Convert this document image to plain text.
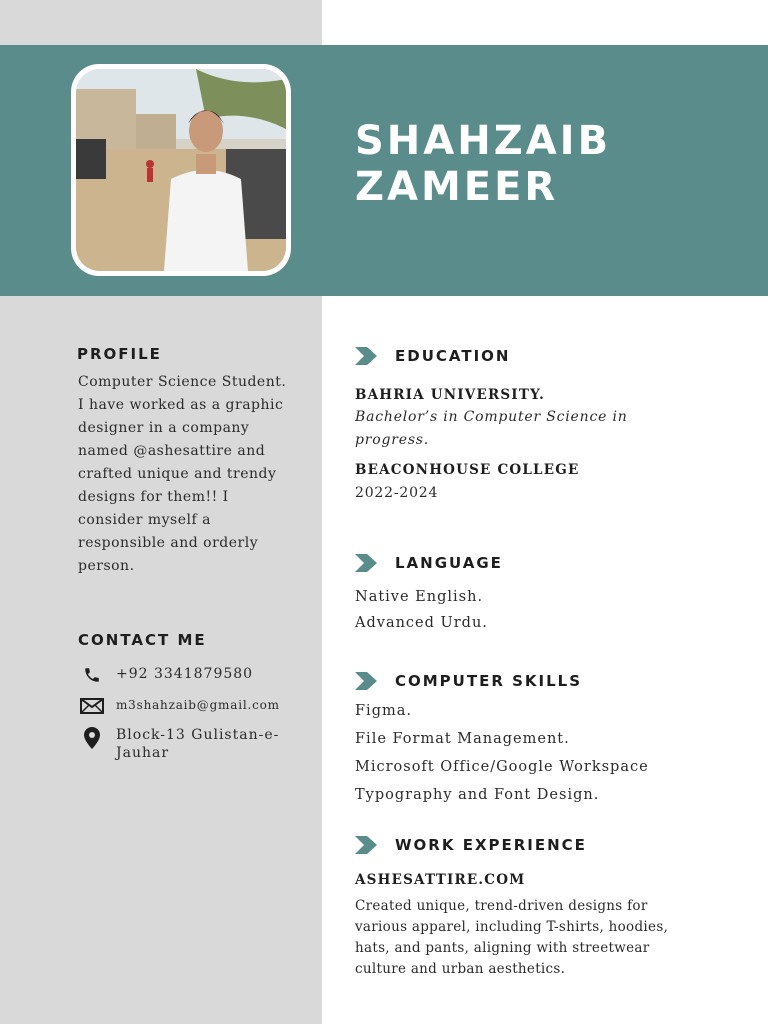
SHAHZAIB
ZAMEER
PROFILE

Computer Science Student. I have worked as a graphic designer in a company named @ashesattire and crafted unique and trendy designs for them!! I consider myself a responsible and orderly person.

CONTACT ME
+92 3341879580
m3shahzaib@gmail.com
Block-13 Gulistan-e-Jauhar
EDUCATION

BAHRIA UNIVERSITY.

Bachelor’s in Computer Science in progress.

BEACONHOUSE COLLEGE

2022-2024

LANGUAGE

Native English.

Advanced Urdu.

COMPUTER SKILLS

Figma.

File Format Management.

Microsoft Office/Google Workspace

Typography and Font Design.

WORK EXPERIENCE

ASHESATTIRE.COM

Created unique, trend-driven designs for various apparel, including T-shirts, hoodies, hats, and pants, aligning with streetwear culture and urban aesthetics.
